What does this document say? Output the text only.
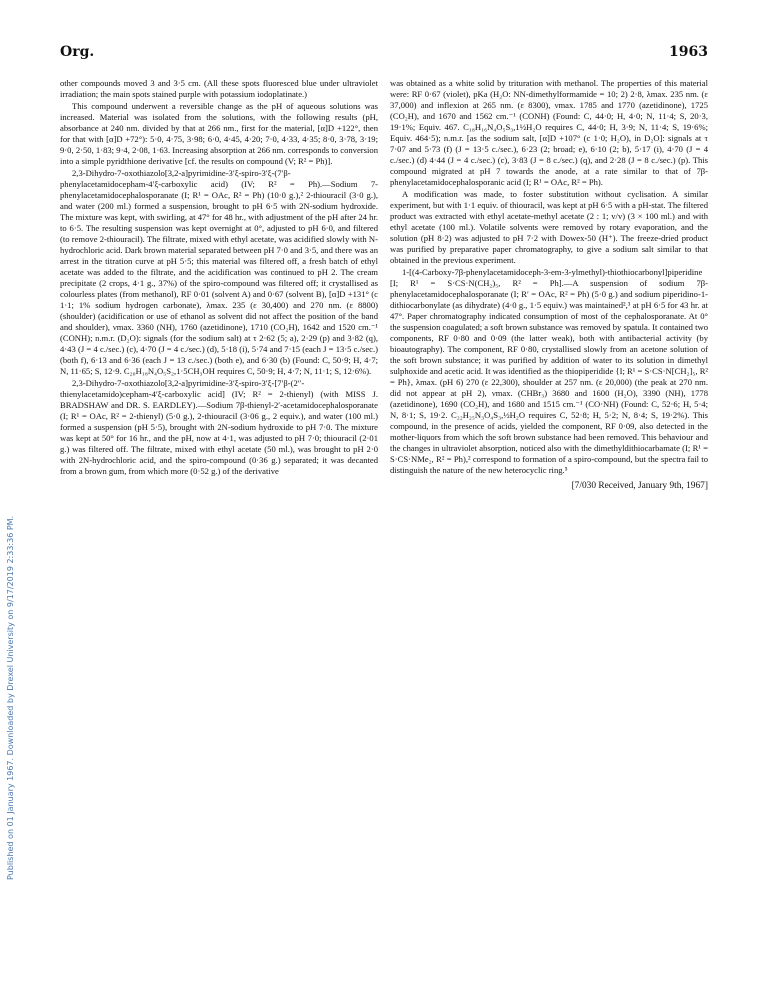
Org.	1963
Published on 01 January 1967. Downloaded by Drexel University on 9/17/2019 2:33:36 PM.

other compounds moved 3 and 3·5 cm. (All these spots fluoresced blue under ultraviolet irradiation; the main spots stained purple with potassium iodoplatinate.)

This compound underwent a reversible change as the pH of aqueous solutions was increased. Material was isolated from the solutions, with the following results (pH, absorbance at 240 nm. divided by that at 266 nm., first for the material, [α]D +122°, then for that with [α]D +72°): 5·0, 4·75, 3·98; 6·0, 4·45, 4·20; 7·0, 4·33, 4·35; 8·0, 3·78, 3·19; 9·0, 2·50, 1·83; 9·4, 2·08, 1·63. Increasing absorption at 266 nm. corresponds to conversion into a simple pyridthione derivative [cf. the results on compound (V; R² = Ph)].

2,3-Dihydro-7-oxothiazolo[3,2-a]pyrimidine-3′ξ-spiro-3′ξ-(7′β-phenylacetamidocepham-4′ξ-carboxylic acid) (IV; R² = Ph).—Sodium 7-phenylacetamidocephalosporanate (I; R¹ = OAc, R² = Ph) (10·0 g.),² 2-thiouracil (3·0 g.), and water (200 ml.) formed a suspension, brought to pH 6·5 with 2N-sodium hydroxide. The mixture was kept, with swirling, at 47° for 48 hr., with adjustment of the pH after 24 hr. to 6·5. The resulting suspension was kept overnight at 0°, adjusted to pH 6·0, and filtered (to remove 2-thiouracil). The filtrate, mixed with ethyl acetate, was acidified slowly with N-hydrochloric acid. Dark brown material separated between pH 7·0 and 3·5, and there was an arrest in the titration curve at pH 5·5; this material was filtered off, a fresh batch of ethyl acetate was added to the filtrate, and the acidification was continued to pH 2. The cream precipitate (2 crops, 4·1 g., 37%) of the spiro-compound was filtered off; it crystallised as colourless plates (from methanol), RF 0·01 (solvent A) and 0·67 (solvent B), [α]D +131° (c 1·1; 1% sodium hydrogen carbonate), λmax. 235 (ε 30,400) and 270 nm. (ε 8800) (shoulder) (acidification or use of ethanol as solvent did not affect the position of the band and shoulder), νmax. 3360 (NH), 1760 (azetidinone), 1710 (CO₂H), 1642 and 1520 cm.⁻¹ (CONH); n.m.r. (D₂O): signals (for the sodium salt) at τ 2·62 (5; a), 2·29 (p) and 3·82 (q), 4·43 (J = 4 c./sec.) (c), 4·70 (J = 4 c./sec.) (d), 5·18 (i), 5·74 and 7·15 (each J = 13·5 c./sec.) (both f), 6·13 and 6·36 (each J = 13 c./sec.) (both e), and 6·30 (b) (Found: C, 50·9; H, 4·7; N, 11·65; S, 12·9. C₂₀H₁₈N₄O₅S₂,1·5CH₃OH requires C, 50·9; H, 4·7; N, 11·1; S, 12·6%).

2,3-Dihydro-7-oxothiazolo[3,2-a]pyrimidine-3′ξ-spiro-3′ξ-[7′β-(2″-thienylacetamido)cepham-4′ξ-carboxylic acid] (IV; R² = 2-thienyl) (with MISS J. BRADSHAW and DR. S. EARDLEY).—Sodium 7β-thienyl-2′-acetamidocephalosporanate (I; R¹ = OAc, R² = 2-thienyl) (5·0 g.), 2-thiouracil (3·06 g., 2 equiv.), and water (100 ml.) formed a suspension (pH 5·5), brought with 2N-sodium hydroxide to pH 7·0. The mixture was kept at 50° for 16 hr., and the pH, now at 4·1, was adjusted to pH 7·0; thiouracil (2·01 g.) was filtered off. The filtrate, mixed with ethyl acetate (50 ml.), was brought to pH 2·0 with 2N-hydrochloric acid, and the spiro-compound (0·36 g.) separated; it was decanted from a brown gum, from which more (0·52 g.) of the derivative

was obtained as a white solid by trituration with methanol. The properties of this material were: RF 0·67 (violet), pKa (H₂O: NN-dimethylformamide = 10; 2) 2·8, λmax. 235 nm. (ε 37,000) and inflexion at 265 nm. (ε 8300), νmax. 1785 and 1770 (azetidinone), 1725 (CO₂H), and 1670 and 1562 cm.⁻¹ (CONH) (Found: C, 44·0; H, 4·0; N, 11·4; S, 20·3, 19·1%; Equiv. 467. C₁₈H₁₆N₄O₅S₃,1½H₂O requires C, 44·0; H, 3·9; N, 11·4; S, 19·6%; Equiv. 464·5); n.m.r. [as the sodium salt, [α]D +107° (c 1·0; H₂O), in D₂O]: signals at τ 7·07 and 5·73 (f) (J = 13·5 c./sec.), 6·23 (2; broad; e), 6·10 (2; b), 5·17 (i), 4·70 (J = 4 c./sec.) (d) 4·44 (J = 4 c./sec.) (c), 3·83 (J = 8 c./sec.) (q), and 2·28 (J = 8 c./sec.) (p). This compound migrated at pH 7 towards the anode, at a rate similar to that of 7β-phenylacetamidocephalosporanic acid (I; R¹ = OAc, R² = Ph).

A modification was made, to foster substitution without cyclisation. A similar experiment, but with 1·1 equiv. of thiouracil, was kept at pH 6·5 with a pH-stat. The filtered product was extracted with ethyl acetate-methyl acetate (2 : 1; v/v) (3 × 100 ml.) and with ethyl acetate (100 ml.). Volatile solvents were removed by rotary evaporation, and the solution (pH 8·2) was adjusted to pH 7·2 with Dowex-50 (H⁺). The freeze-dried product was purified by preparative paper chromatography, to give a sodium salt similar to that obtained in the previous experiment.

1-[(4-Carboxy-7β-phenylacetamidoceph-3-em-3-ylmethyl)-thiothiocarbonyl]piperidine [I; R¹ = S·CS·N(CH₂)₅, R² = Ph].—A suspension of sodium 7β-phenylacetamidocephalosporanate (I; R′ = OAc, R² = Ph) (5·0 g.) and sodium piperidino-1-dithiocarbonylate (as dihydrate) (4·0 g., 1·5 equiv.) was maintained²,³ at pH 6·5 for 43 hr. at 47°. Paper chromatography indicated consumption of most of the cephalosporanate. At 0° the suspension coagulated; a soft brown substance was removed by spatula. It contained two components, RF 0·80 and 0·09 (the latter weak), both with antibacterial activity (by bioautography). The component, RF 0·80, crystallised slowly from an acetone solution of the soft brown substance; it was purified by addition of water to its solution in dimethyl sulphoxide and acetic acid. It was identified as the thiopiperidide {I; R¹ = S·CS·N[CH₂]₅, R² = Ph}, λmax. (pH 6) 270 (ε 22,300), shoulder at 257 nm. (ε 20,000) (the peak at 270 nm. did not appear at pH 2), νmax. (CHBr₃) 3680 and 1600 (H₂O), 3390 (NH), 1778 (azetidinone), 1690 (CO₂H), and 1680 and 1515 cm.⁻¹ (CO·NH) (Found: C, 52·6; H, 5·4; N, 8·1; S, 19·2. C₂₂H₂₅N₃O₄S₃,½H₂O requires C, 52·8; H, 5·2; N, 8·4; S, 19·2%). This compound, in the presence of acids, yielded the component, RF 0·09, also detected in the mother-liquors from which the soft brown substance had been removed. This behaviour and the changes in ultraviolet absorption, noticed also with the dimethyldithiocarbamate (I; R¹ = S·CS·NMe₂, R² = Ph),² correspond to formation of a spiro-compound, but the spectra fail to distinguish the nature of the new heterocyclic ring.⁵

[7/030 Received, January 9th, 1967]
